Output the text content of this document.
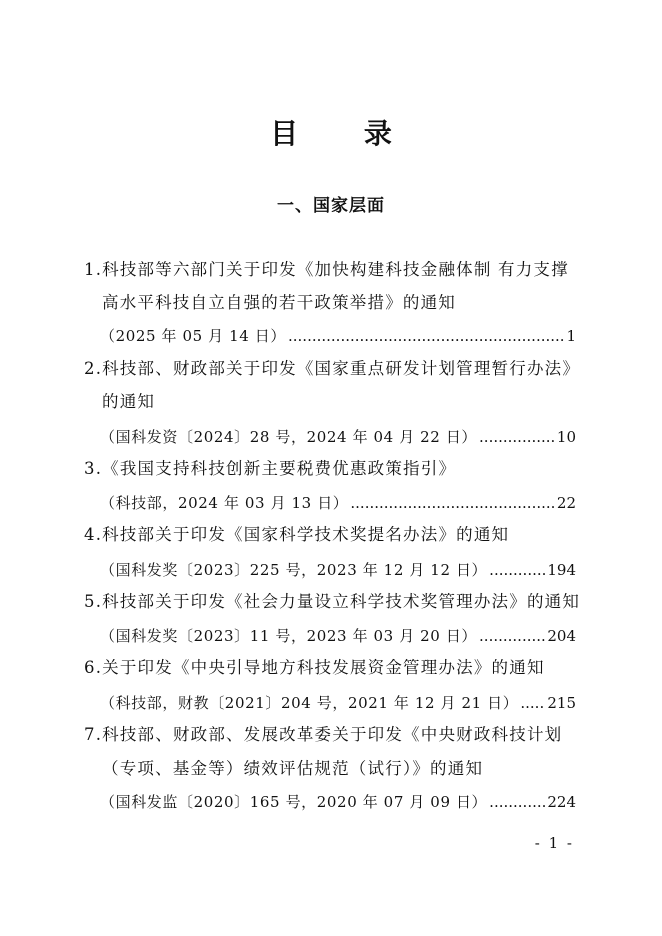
目 录
一、国家层面
1.科技部等六部门关于印发《加快构建科技金融体制 有力支撑
高水平科技自立自强的若干政策举措》的通知
（2025 年 05 月 14 日） .....	1
2.科技部、财政部关于印发《国家重点研发计划管理暂行办法》
的通知
（国科发资〔2024〕28 号，2024 年 04 月 22 日） .....	10
3.《我国支持科技创新主要税费优惠政策指引》
（科技部，2024 年 03 月 13 日） .....	22
4.科技部关于印发《国家科学技术奖提名办法》的通知
（国科发奖〔2023〕225 号，2023 年 12 月 12 日） .....	194
5.科技部关于印发《社会力量设立科学技术奖管理办法》的通知
（国科发奖〔2023〕11 号，2023 年 03 月 20 日） .....	204
6.关于印发《中央引导地方科技发展资金管理办法》的通知
（科技部，财教〔2021〕204 号，2021 年 12 月 21 日） ..... 215
7.科技部、财政部、发展改革委关于印发《中央财政科技计划
（专项、基金等）绩效评估规范（试行）》的通知
（国科发监〔2020〕165 号，2020 年 07 月 09 日） .....	224
- 1 -
